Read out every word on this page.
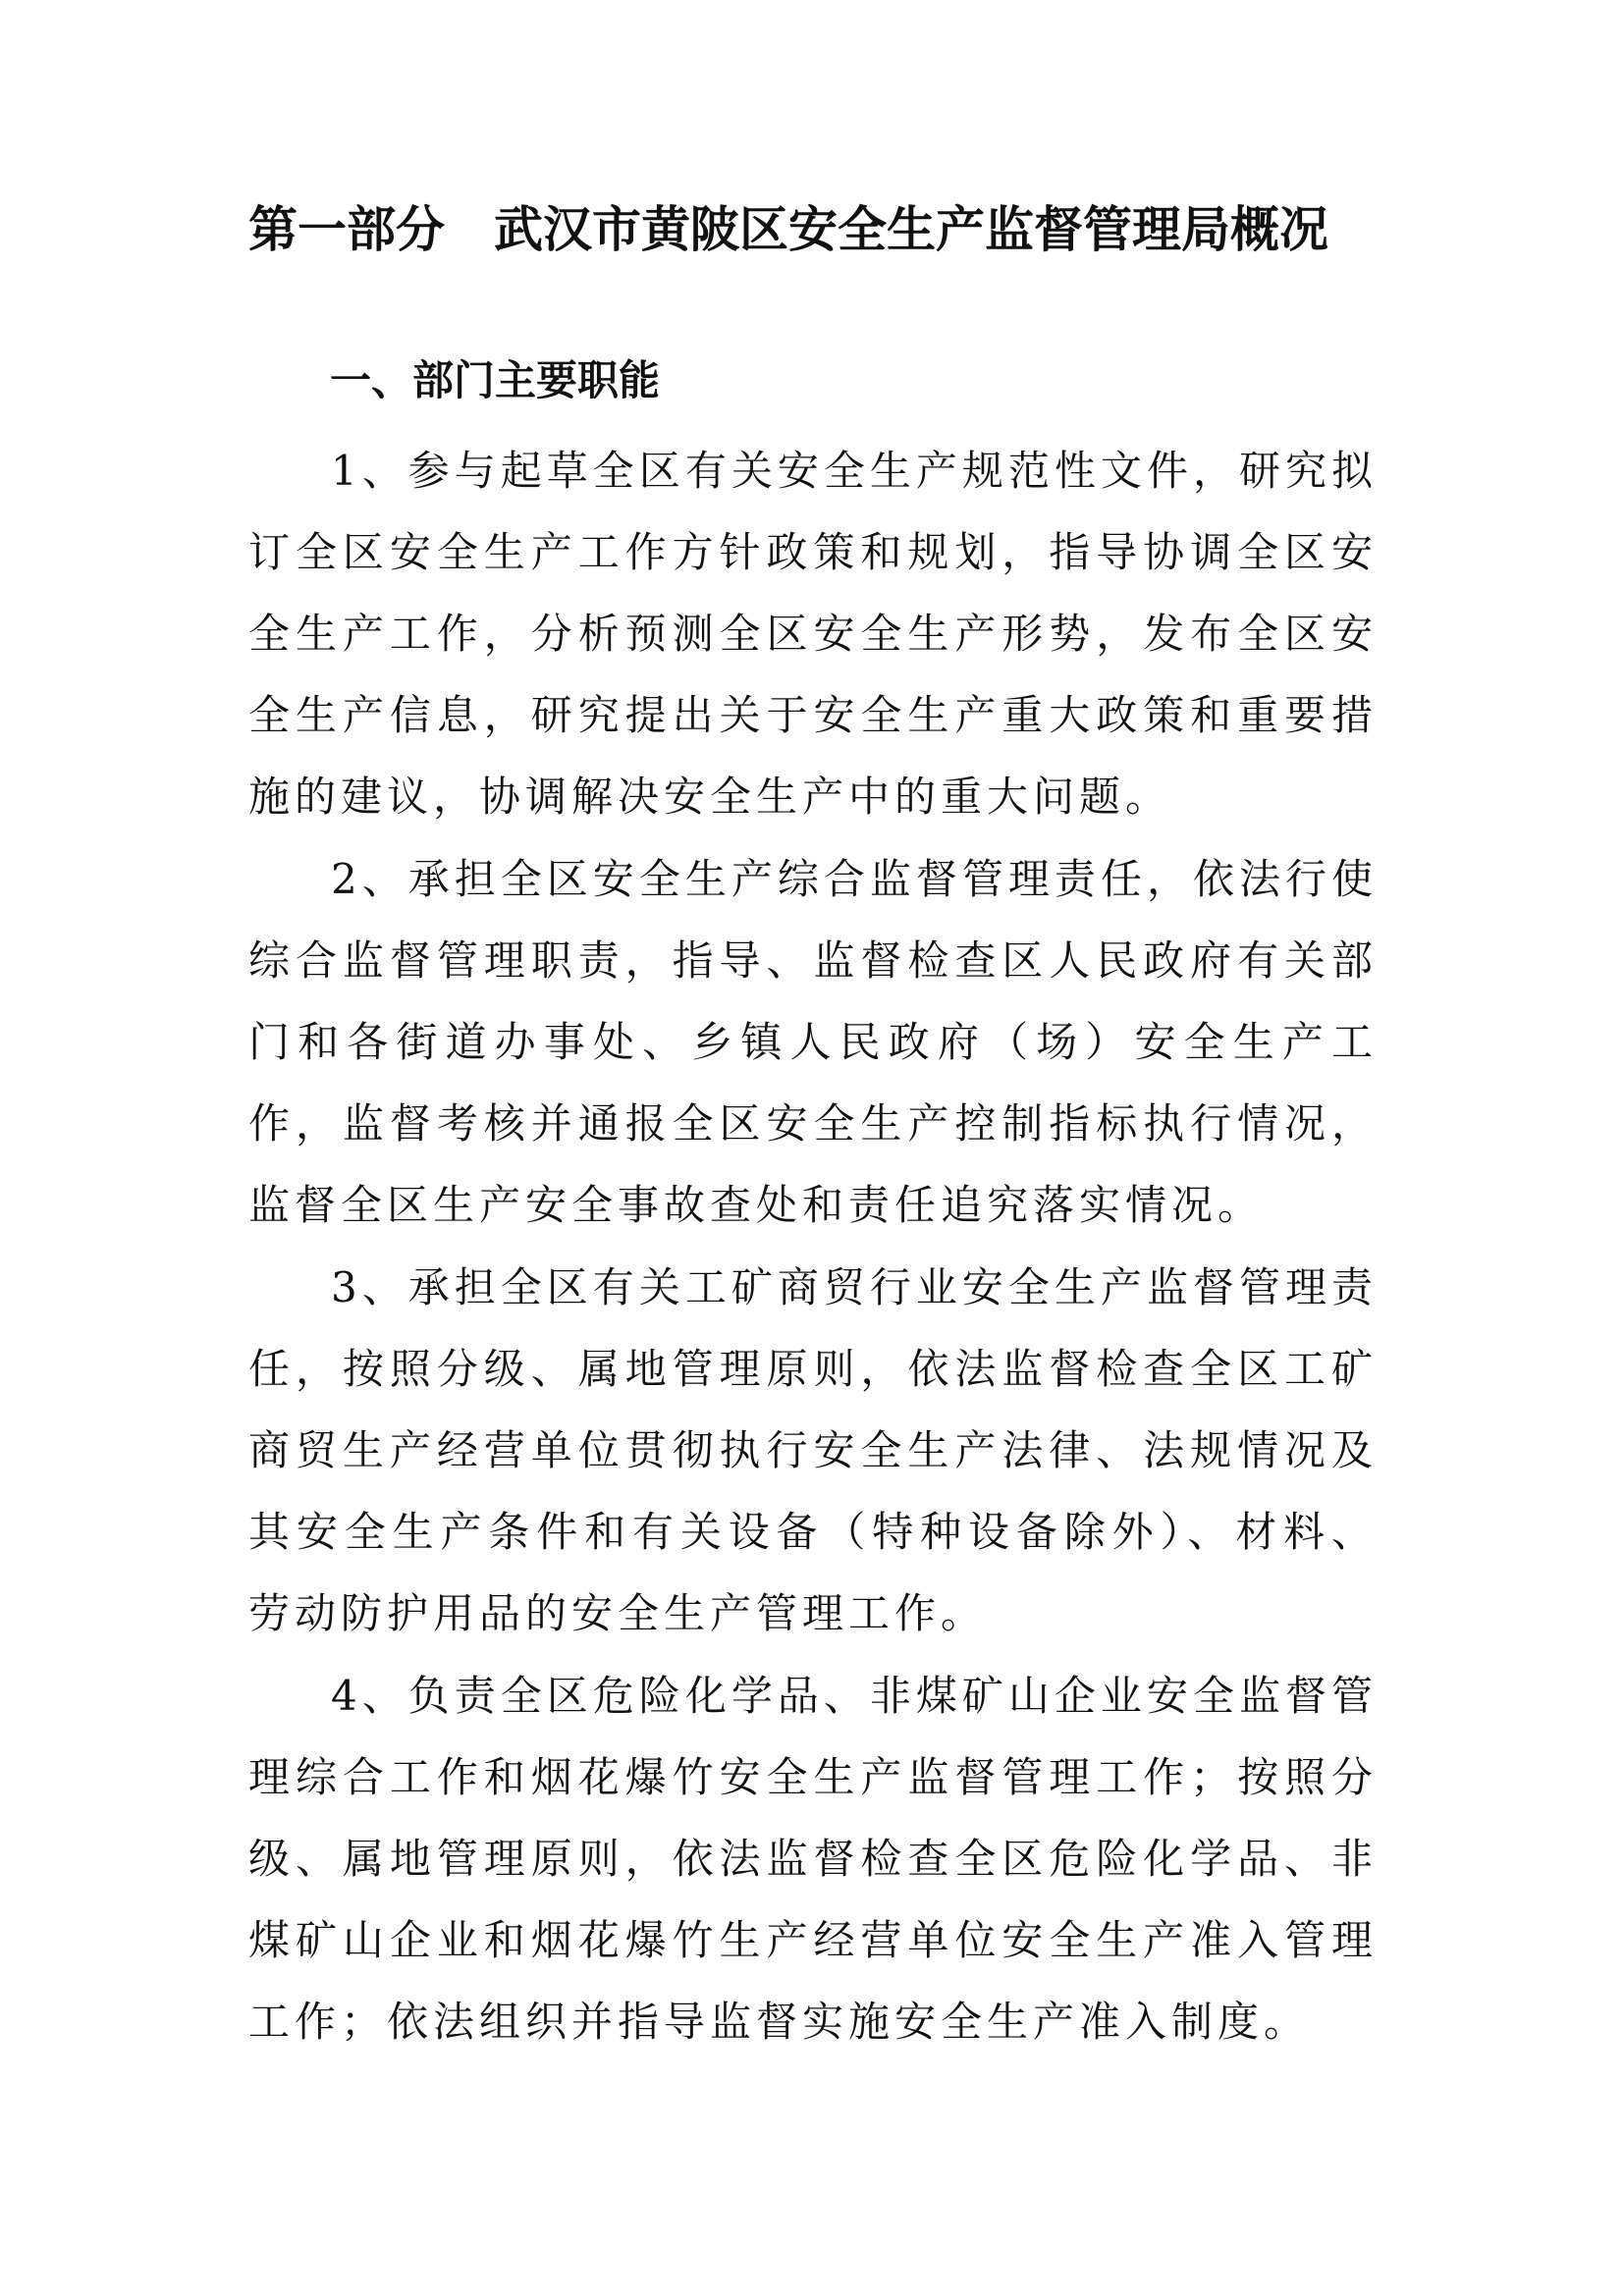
第一部分 武汉市黄陂区安全生产监督管理局概况
一、部门主要职能

1、参与起草全区有关安全生产规范性文件，研究拟订全区安全生产工作方针政策和规划，指导协调全区安全生产工作，分析预测全区安全生产形势，发布全区安全生产信息，研究提出关于安全生产重大政策和重要措施的建议，协调解决安全生产中的重大问题。

2、承担全区安全生产综合监督管理责任，依法行使综合监督管理职责，指导、监督检查区人民政府有关部门和各街道办事处、乡镇人民政府（场）安全生产工作，监督考核并通报全区安全生产控制指标执行情况，监督全区生产安全事故查处和责任追究落实情况。

3、承担全区有关工矿商贸行业安全生产监督管理责任，按照分级、属地管理原则，依法监督检查全区工矿商贸生产经营单位贯彻执行安全生产法律、法规情况及其安全生产条件和有关设备（特种设备除外）、材料、劳动防护用品的安全生产管理工作。

4、负责全区危险化学品、非煤矿山企业安全监督管理综合工作和烟花爆竹安全生产监督管理工作；按照分级、属地管理原则，依法监督检查全区危险化学品、非煤矿山企业和烟花爆竹生产经营单位安全生产准入管理工作；依法组织并指导监督实施安全生产准入制度。
